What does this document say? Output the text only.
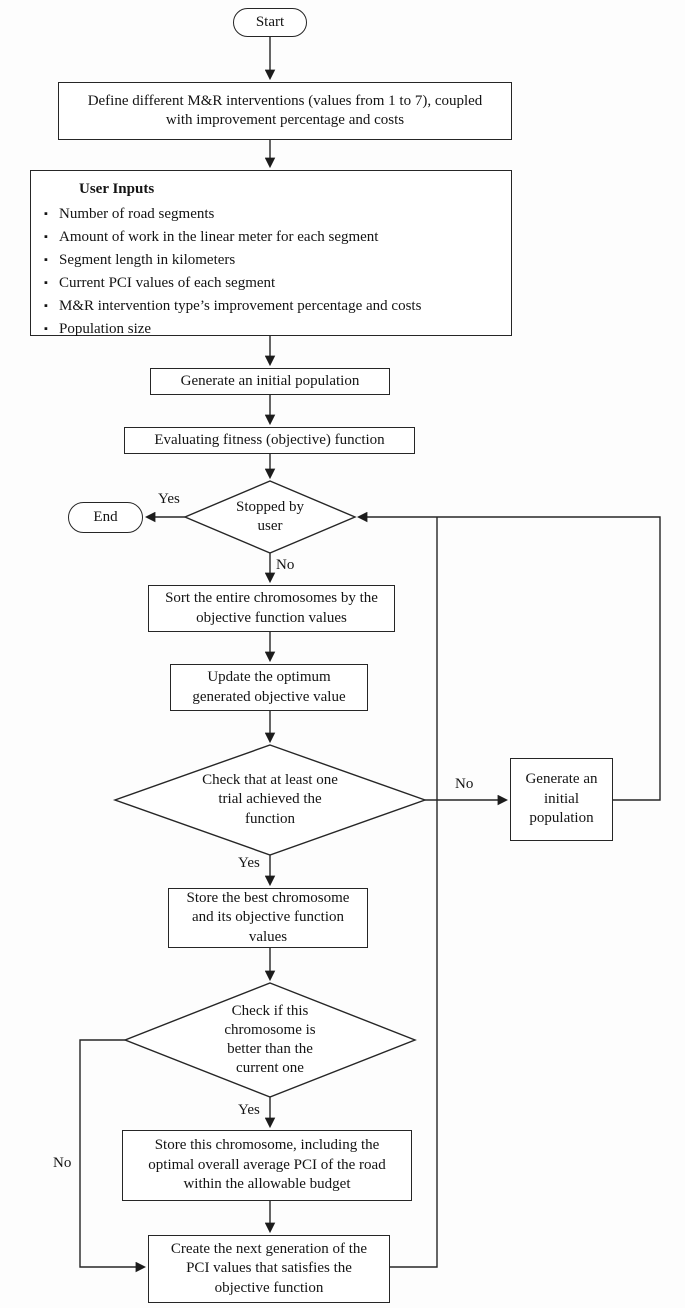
Start
Define different M&R interventions (values from 1 to 7), coupled with improvement percentage and costs
User Inputs
▪ Number of road segments
▪ Amount of work in the linear meter for each segment
▪ Segment length in kilometers
▪ Current PCI values of each segment
▪ M&R intervention type’s improvement percentage and costs
▪ Population size
Generate an initial population
Evaluating fitness (objective) function
Stopped by user
End
Sort the entire chromosomes by the objective function values
Update the optimum generated objective value
Check that at least one trial achieved the function
Generate an initial population
Store the best chromosome and its objective function values
Check if this chromosome is better than the current one
Store this chromosome, including the optimal overall average PCI of the road within the allowable budget
Create the next generation of the PCI values that satisfies the objective function
Yes
No
No
Yes
Yes
No
